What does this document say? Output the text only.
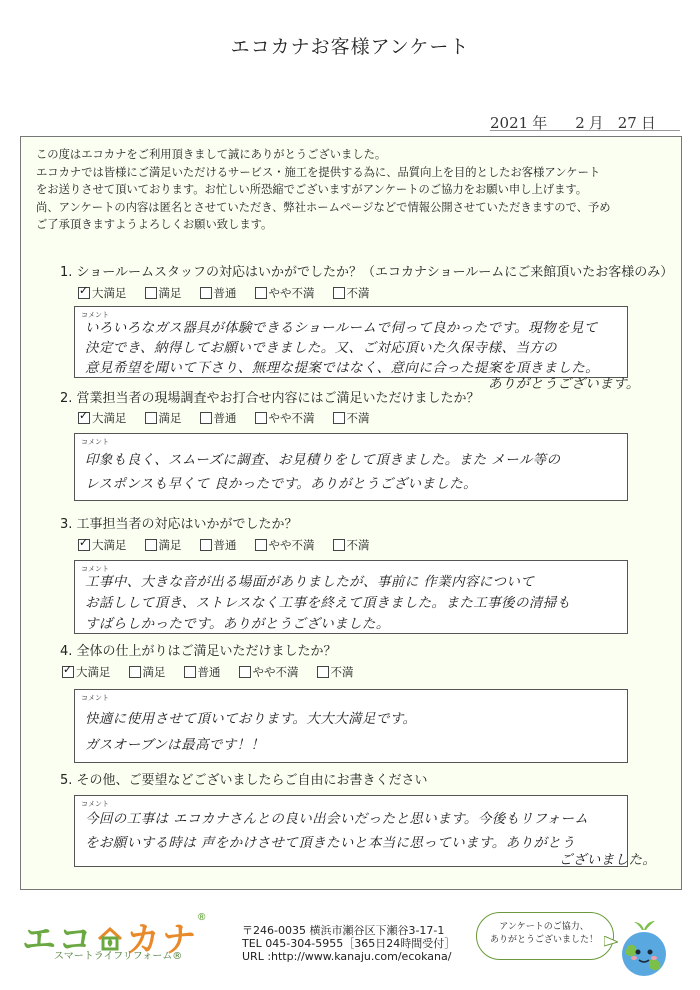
エコカナお客様アンケート
2021 年 2 月 27 日
この度はエコカナをご利用頂きまして誠にありがとうございました。
エコカナでは皆様にご満足いただけるサービス・施工を提供する為に、品質向上を目的としたお客様アンケート
をお送りさせて頂いております。お忙しい所恐縮でございますがアンケートのご協力をお願い申し上げます。
尚、アンケートの内容は匿名とさせていただき、弊社ホームページなどで情報公開させていただきますので、予め
ご了承頂きますようよろしくお願い致します。
1. ショールームスタッフの対応はいかがでしたか？（エコカナショールームにご来館頂いたお客様のみ）
✓
大満足	満足	普通	やや不満	不満
コメント
いろいろなガス器具が体験できるショールームで伺って良かったです。現物を見て
決定でき、納得してお願いできました。又、ご対応頂いた久保寺様、当方の
意見希望を聞いて下さり、無理な提案ではなく、意向に合った提案を頂きました。
ありがとうございます。
2. 営業担当者の現場調査やお打合せ内容にはご満足いただけましたか？
✓
大満足	満足	普通	やや不満	不満
コメント
印象も良く、スムーズに調査、お見積りをして頂きました。また メール等の
レスポンスも早くて 良かったです。ありがとうございました。
3. 工事担当者の対応はいかがでしたか？
✓
大満足	満足	普通	やや不満	不満
コメント
工事中、大きな音が出る場面がありましたが、事前に 作業内容について
お話しして頂き、ストレスなく工事を終えて頂きました。また工事後の清掃も
すばらしかったです。ありがとうございました。
4. 全体の仕上がりはご満足いただけましたか？
✓
大満足	満足	普通	やや不満	不満
コメント
快適に使用させて頂いております。大大大満足です。
ガスオーブンは最高です！！
5. その他、ご要望などございましたらご自由にお書きください
コメント
今回の工事は エコカナさんとの良い出会いだったと思います。今後もリフォーム
をお願いする時は 声をかけさせて頂きたいと本当に思っています。ありがとう
ございました。
エコ カナ®
スマートライフリフォーム®
〒246-0035 横浜市瀬谷区下瀬谷3-17-1
TEL 045-304-5955［365日24時間受付］
URL :http://www.kanaju.com/ecokana/
アンケートのご協力、
ありがとうございました！
